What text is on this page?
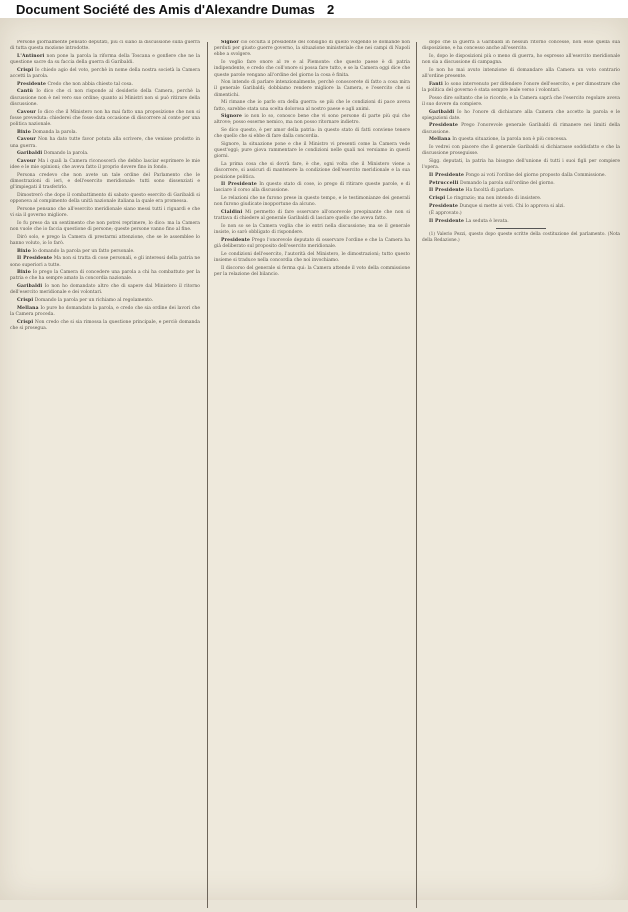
Document Société des Amis d'Alexandre Dumas 2

Persone giornalmente pensato deputati, più ci siano la discussione sulla guerra di tutta questa mozione introdotte.

L'Antinori non pone la parola la riforma della Toscana e gonfiere che ne la questione sacre da su faccia della guerra di Garibaldi.

Crispi Io chiedo agio del voto, perchè in nome della nostra società la Camera accetti la parola.

Presidente Credo che non abbia chiesto tal cosa.

Cantù Io dico che ci non risponde al desiderio della Camera, perchè la discussione non è nel vero suo ordine; quanto ai Ministri non si può ritirare della discussione.

Cavour Io dico che il Ministero non ha mai fatto una proposizione che non si fosse preveduta: chiederei che fosse data occasione di discorrere al conte per una politica nazionale.

Bixio Domanda la parola.

Cavour Non ha dato tutte favor potuta alla scrivere, che venisse prodotto in una guerra.

Garibaldi Domando la parola.

Cavour Ma i quali la Camera riconoscerà che debbo lasciar esprimere le mie idee e le mie opinioni; che aveva fatto il proprio dovere fino in fondo.

Persona credevo che non avete un tale ordine del Parlamento che le dimostrazioni di ieri, e dell'esercito meridionale: tutti sono dissenziati e gl'impiegati il trasferirlo.

Dimostrerò che dopo il combattimento di sabato questo esercito di Garibaldi si opponeva al compimento della unità nazionale italiana la quale era promessa.

Persone pensano che all'esercito meridionale siano messi tutti i riguardi e che vi sia il governo migliore.

Io fu preso da un sentimento che non potrei reprimere, lo dico: ma la Camera non vuole che io faccia questione di persone; queste persone vanno fino al fine.

Dirò solo, e prego la Camera di prestarmi attenzione, che se le assemblee lo hanno voluto, io lo farò.

Bixio Io domando la parola per un fatto personale.

Il Presidente Ma non si tratta di cose personali, e gli interessi della patria ne sono superiori a tutte.

Bixio Io prego la Camera di concedere una parola a chi ha combattuto per la patria e che ha sempre amato la concordia nazionale.

Garibaldi Io non ho domandato altro che di sapere dal Ministero il ritorno dell'esercito meridionale e dei volontari.

Crispi Domando la parola per un richiamo al regolamento.

Mellana Io pure ho domandato la parola, e credo che sia ordine dei lavori che la Camera proceda.

Crispi Non credo che si sia rimossa la questione principale, e perciò domanda che si prosegua.

Signor ciò occulta il presidente del consiglio di quello volgendo le domande non perduti per giusto guerre governo, la situazione ministeriale che nei campi di Napoli ebbe a svolgere.

Io voglio fare onore al re e al Piemonte: che questo paese è di patria indipendente, e credo che coll'onore si possa fare tutto, e se la Camera oggi dice che queste parole vengano all'ordine del giorno la cosa è finita.

Non intendo di parlare intenzionalmente, perchè conoscerete di fatto a cosa mira il generale Garibaldi; dobbiamo rendere migliore la Camera, e l'esercito che si dimentichi.

Mi rimane che io parlo ora della guerra: se più che le condizioni di pace aveva fatto, sarebbe stata una scelta dolorosa al nostro paese e agli animi.

Signore io non lo so, conosco bene che vi sono persone di parte più qui che altrove; posso esserne nemico, ma non posso ritornare indietro.

Se dico questo, è per amor della patria: in questo stato di fatti conviene tenere che quello che si ebbe di fare dalla concordia.

Signore, la situazione pone e che il Ministro vi presenti come la Camera vede quest'oggi; pure giova rammentare le condizioni nelle quali noi versiamo in questi giorni.

La prima cosa che si dovrà fare, è che, ogni volta che il Ministero viene a discorrere, si assicuri di mantenere la condizione dell'esercito meridionale e la sua posizione politica.

Il Presidente In questo stato di cose, io prego di ritirare queste parole, e di lasciare il corso alla discussione.

Le relazioni che ne furono prese in questo tempo, e le testimonianze dei generali non furono giudicate inopportune da alcuno.

Cialdini Mi permetto di fare osservare all'onorevole preopinante che non si trattava di chiedere al generale Garibaldi di lasciare quello che aveva fatto.

Io non so se la Camera voglia che io entri nella discussione; ma se il generale insiste, io sarò obbligato di rispondere.

Presidente Prego l'onorevole deputato di osservare l'ordine e che la Camera ha già deliberato sul proposito dell'esercito meridionale.

Le condizioni dell'esercito, l'autorità del Ministero, le dimostrazioni; tutto questo insieme si traduce nella concordia che noi invochiamo.

Il discorso del generale si ferma qui: la Camera attende il voto della commissione per la relazione del bilancio.

dopo che la guerra a Garibaldi in nessun ritorno concesse, non esse quella sua disposizione, e ha concesso anche all'esercito.

Io, dopo le disposizioni più o meno di guerra, ho espresso all'esercito meridionale non sia a discussione di campagna.

Io non ho mai avuto intenzione di domandare alla Camera un voto contrario all'ordine presente.

Fanti Io sono intervenuto per difendere l'onore dell'esercito, e per dimostrare che la politica del governo è stata sempre leale verso i volontari.

Posso dire soltanto che io ricordo, e la Camera saprà che l'esercito regolare aveva il suo dovere da compiere.

Garibaldi Io ho l'onore di dichiarare alla Camera che accetto la parola e le spiegazioni date.

Presidente Prego l'onorevole generale Garibaldi di rimanere nei limiti della discussione.

Mellana In questa situazione, la parola non è più concessa.

Io vedrei con piacere che il generale Garibaldi si dichiarasse soddisfatto e che la discussione proseguisse.

Sigg. deputati, la patria ha bisogno dell'unione di tutti i suoi figli per compiere l'opera.

Il Presidente Pongo ai voti l'ordine del giorno proposto dalla Commissione.

Petruccelli Domando la parola sull'ordine del giorno.

Il Presidente Ha facoltà di parlare.

Crispi Lo ringrazio; ma non intendo di insistere.

Presidente Dunque si mette ai voti. Chi lo approva si alzi.

(È approvato.)

Il Presidente La seduta è levata.

(1) Valerio Pezzi, questo dopo queste scritte della costituzione del parlamento. (Nota della Redazione.)
